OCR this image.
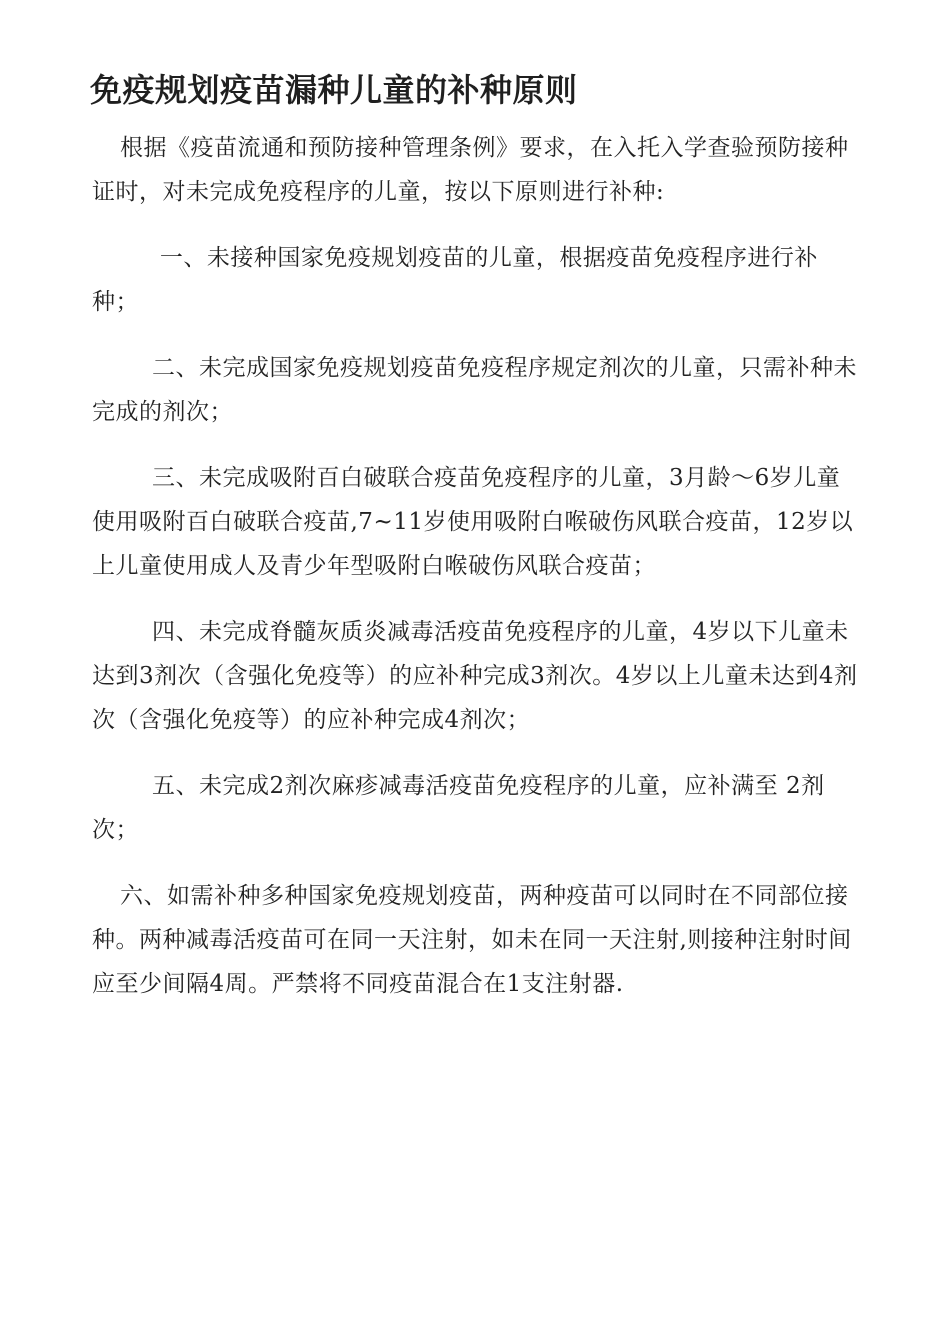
免疫规划疫苗漏种儿童的补种原则

根据《疫苗流通和预防接种管理条例》要求，在入托入学查验预防接种证时，对未完成免疫程序的儿童，按以下原则进行补种:

一、未接种国家免疫规划疫苗的儿童，根据疫苗免疫程序进行补种；

二、未完成国家免疫规划疫苗免疫程序规定剂次的儿童，只需补种未完成的剂次；

三、未完成吸附百白破联合疫苗免疫程序的儿童，3月龄～6岁儿童使用吸附百白破联合疫苗,7~11岁使用吸附白喉破伤风联合疫苗，12岁以上儿童使用成人及青少年型吸附白喉破伤风联合疫苗；

四、未完成脊髓灰质炎减毒活疫苗免疫程序的儿童，4岁以下儿童未达到3剂次（含强化免疫等）的应补种完成3剂次。4岁以上儿童未达到4剂次（含强化免疫等）的应补种完成4剂次；

五、未完成2剂次麻疹减毒活疫苗免疫程序的儿童，应补满至 2剂次；

六、如需补种多种国家免疫规划疫苗，两种疫苗可以同时在不同部位接种。两种减毒活疫苗可在同一天注射，如未在同一天注射,则接种注射时间应至少间隔4周。严禁将不同疫苗混合在1支注射器.
